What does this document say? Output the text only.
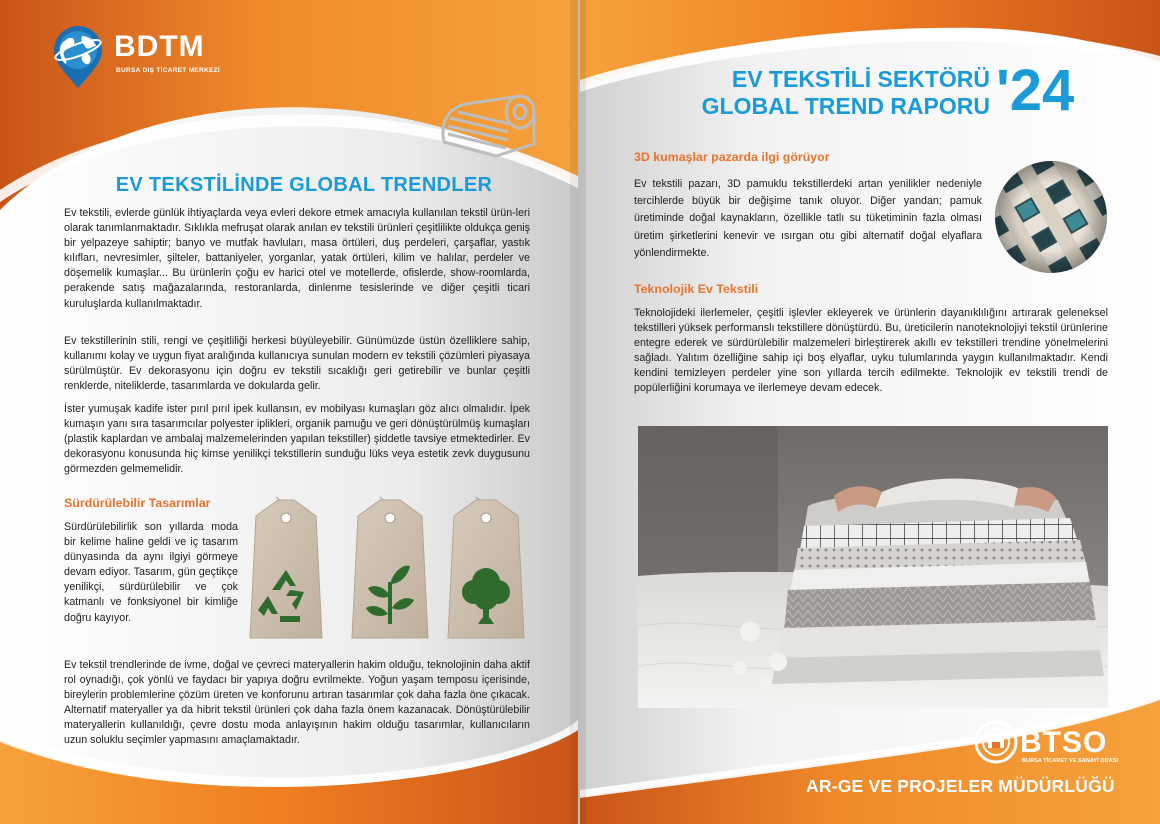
BDTM
BURSA DIŞ TİCARET MERKEZİ
EV TEKSTİLİNDE GLOBAL TRENDLER
Ev tekstili, evlerde günlük ihtiyaçlarda veya evleri dekore etmek amacıyla kullanılan tekstil ürün-leri olarak tanımlanmaktadır. Sıklıkla mefruşat olarak anılan ev tekstili ürünleri çeşitlilikte oldukça geniş bir yelpazeye sahiptir; banyo ve mutfak havluları, masa örtüleri, duş perdeleri, çarşaflar, yastık kılıfları, nevresimler, şilteler, battaniyeler, yorganlar, yatak örtüleri, kilim ve halılar, perdeler ve döşemelik kumaşlar... Bu ürünlerin çoğu ev harici otel ve motellerde, ofislerde, show-roomlarda, perakende satış mağazalarında, restoranlarda, dinlenme tesislerinde ve diğer çeşitli ticari kuruluşlarda kullanılmaktadır.
Ev tekstillerinin stili, rengi ve çeşitliliği herkesi büyüleyebilir. Günümüzde üstün özelliklere sahip, kullanımı kolay ve uygun fiyat aralığında kullanıcıya sunulan modern ev tekstili çözümleri piyasaya sürülmüştür. Ev dekorasyonu için doğru ev tekstili sıcaklığı geri getirebilir ve bunlar çeşitli renklerde, niteliklerde, tasarımlarda ve dokularda gelir.
İster yumuşak kadife ister pırıl pırıl ipek kullansın, ev mobilyası kumaşları göz alıcı olmalıdır. İpek kumaşın yanı sıra tasarımcılar polyester iplikleri, organik pamuğu ve geri dönüştürülmüş kumaşları (plastik kaplardan ve ambalaj malzemelerinden yapılan tekstiller) şiddetle tavsiye etmektedirler. Ev dekorasyonu konusunda hiç kimse yenilikçi tekstillerin sunduğu lüks veya estetik zevk duygusunu görmezden gelmemelidir.
Sürdürülebilir Tasarımlar
Sürdürülebilirlik son yıllarda moda bir kelime haline geldi ve iç tasarım dünyasında da aynı ilgiyi görmeye devam ediyor. Tasarım, gün geçtikçe yenilikçi, sürdürülebilir ve çok katmanlı ve fonksiyonel bir kimliğe doğru kayıyor.
Ev tekstil trendlerinde de ivme, doğal ve çevreci materyallerin hakim olduğu, teknolojinin daha aktif rol oynadığı, çok yönlü ve faydacı bir yapıya doğru evrilmekte. Yoğun yaşam temposu içerisinde, bireylerin problemlerine çözüm üreten ve konforunu artıran tasarımlar çok daha fazla öne çıkacak. Alternatif materyaller ya da hibrit tekstil ürünleri çok daha fazla önem kazanacak. Dönüştürülebilir materyallerin kullanıldığı, çevre dostu moda anlayışının hakim olduğu tasarımlar, kullanıcıların uzun soluklu seçimler yapmasını amaçlamaktadır.
EV TEKSTİLİ SEKTÖRÜ
GLOBAL TREND RAPORU '24
3D kumaşlar pazarda ilgi görüyor
Ev tekstili pazarı, 3D pamuklu tekstillerdeki artan yenilikler nedeniyle tercihlerde büyük bir değişime tanık oluyor. Diğer yandan; pamuk üretiminde doğal kaynakların, özellikle tatlı su tüketiminin fazla olması üretim şirketlerini kenevir ve ısırgan otu gibi alternatif doğal elyaflara yönlendirmekte.
Teknolojik Ev Tekstili
Teknolojideki ilerlemeler, çeşitli işlevler ekleyerek ve ürünlerin dayanıklılığını artırarak geleneksel tekstilleri yüksek performanslı tekstillere dönüştürdü. Bu, üreticilerin nanoteknolojiyi tekstil ürünlerine entegre ederek ve sürdürülebilir malzemeleri birleştirerek akıllı ev tekstilleri trendine yönelmelerini sağladı. Yalıtım özelliğine sahip içi boş elyaflar, uyku tulumlarında yaygın kullanılmaktadır. Kendi kendini temizleyen perdeler yine son yıllarda tercih edilmekte. Teknolojik ev tekstili trendi de popülerliğini korumaya ve ilerlemeye devam edecek.
BTSO
BURSA TİCARET VE SANAYİ ODASI
AR-GE VE PROJELER MÜDÜRLÜĞÜ
